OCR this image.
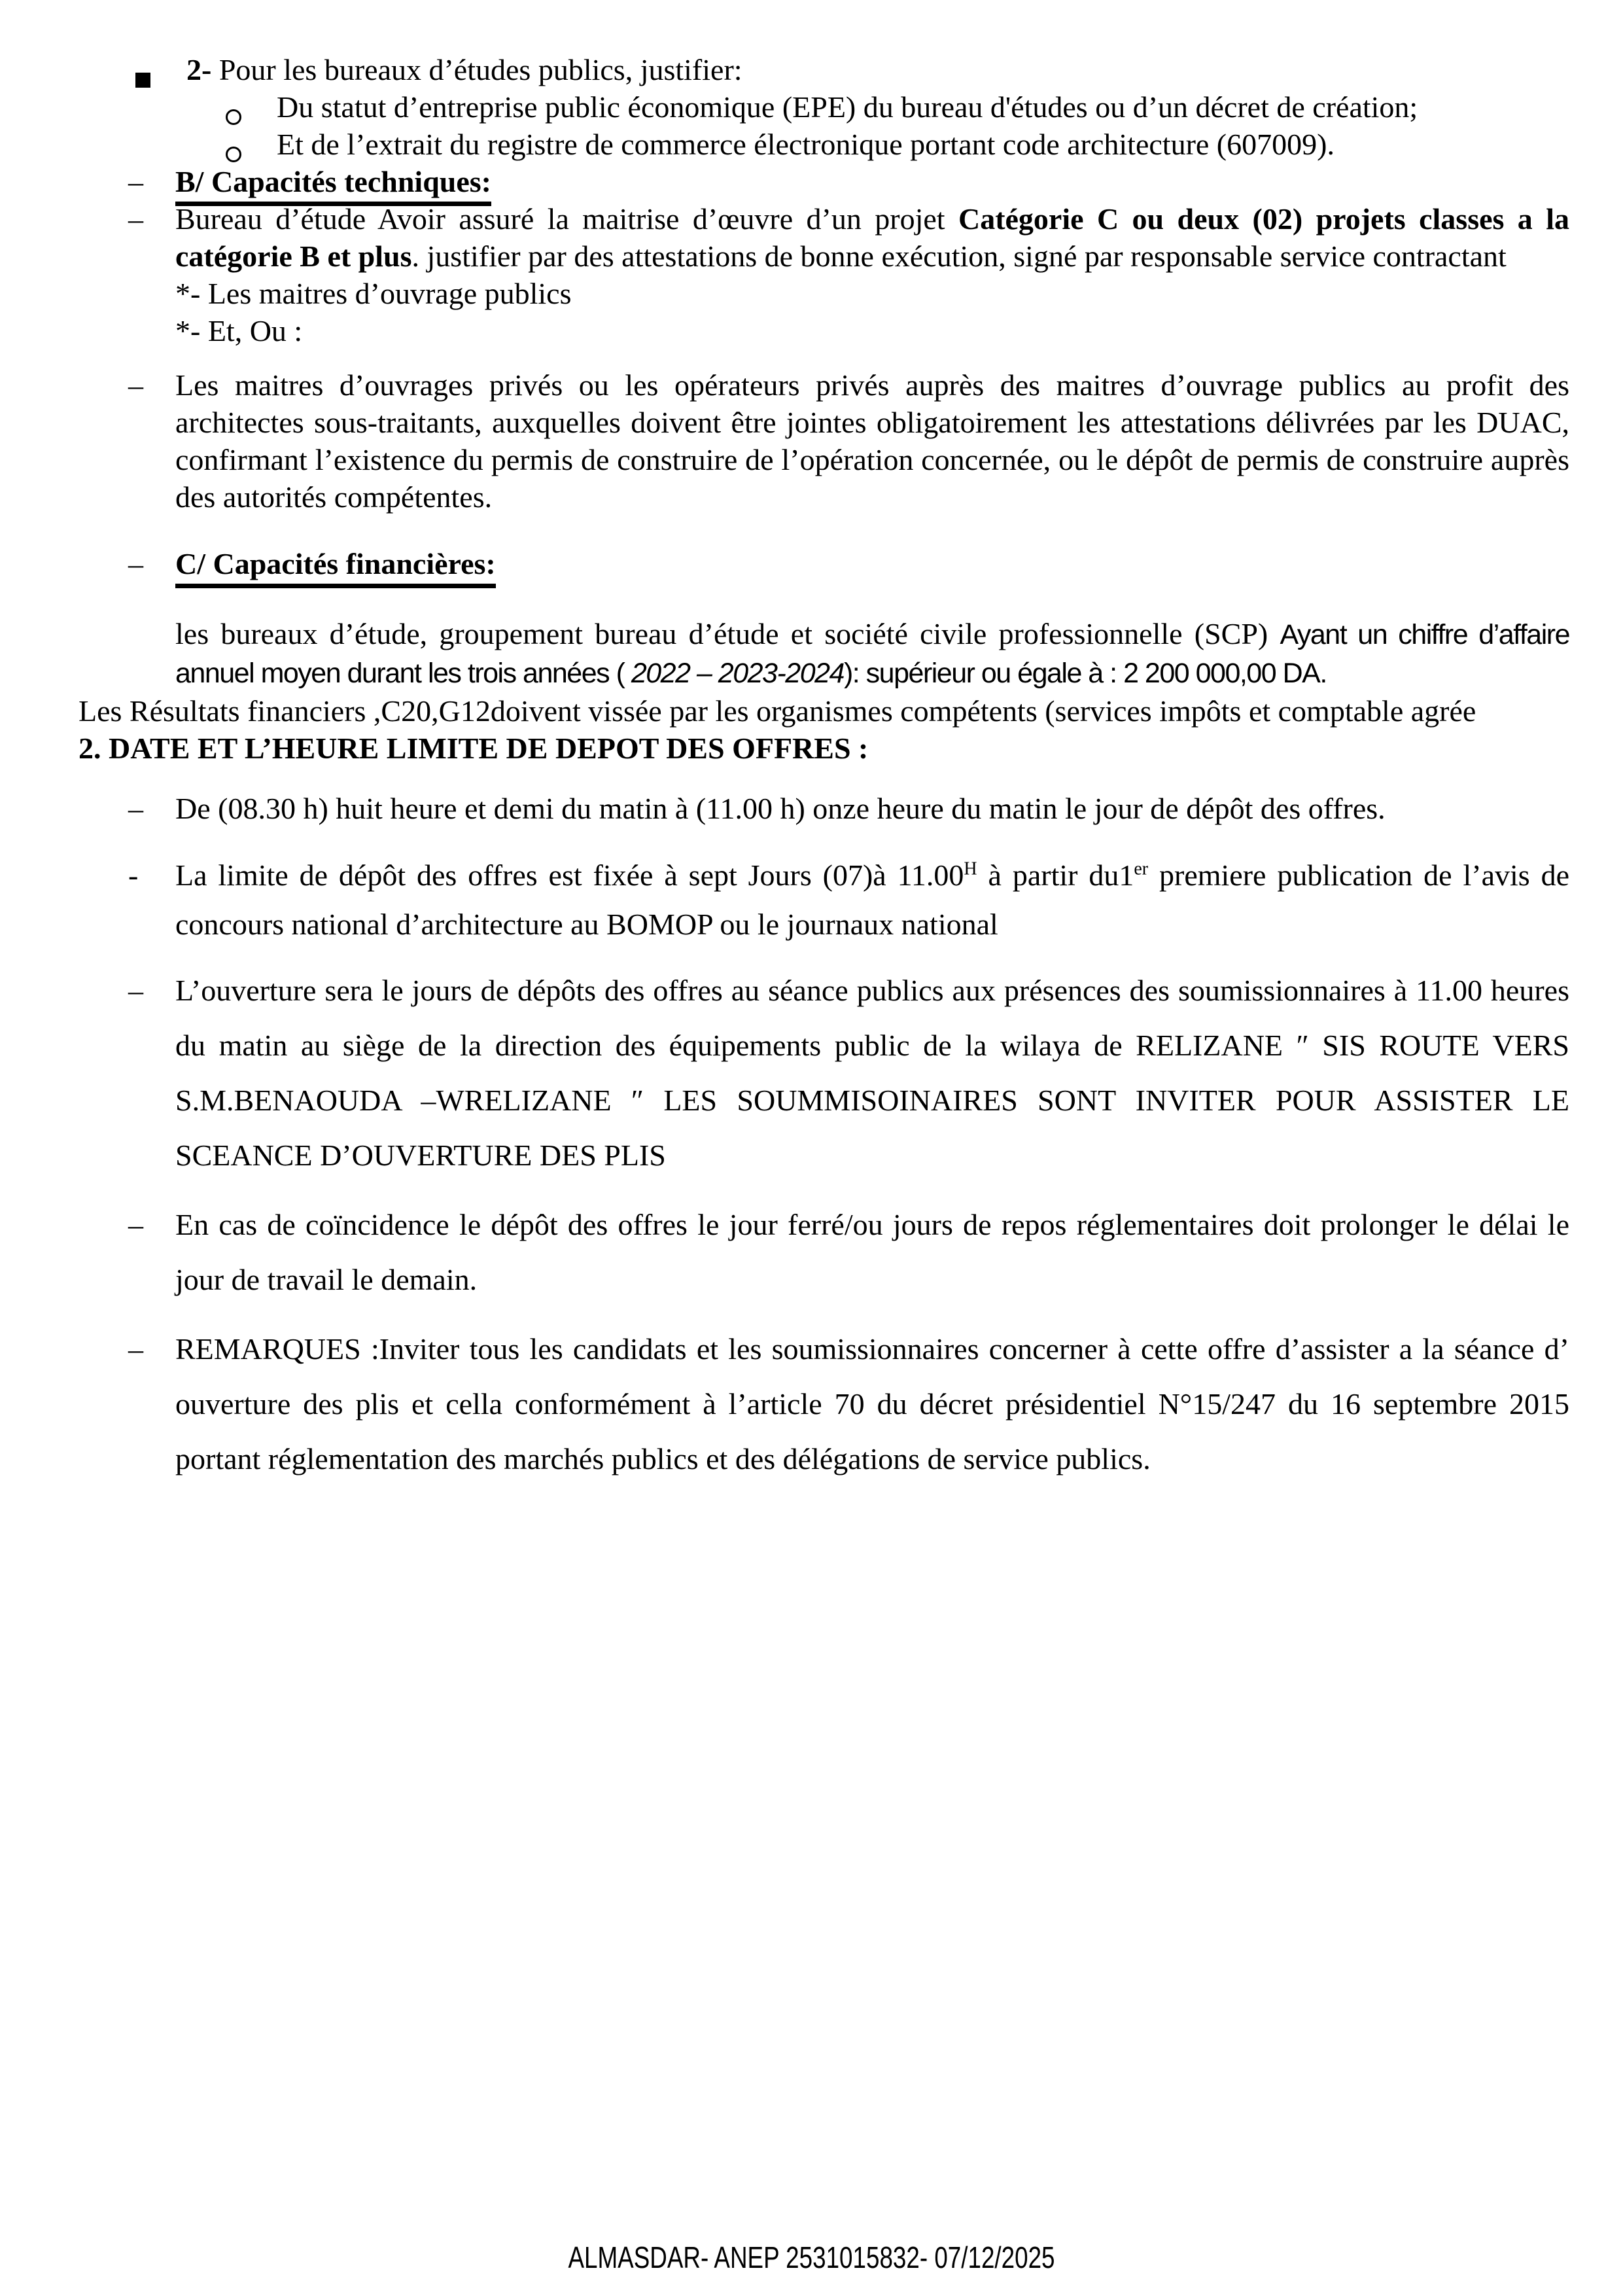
2- Pour les bureaux d’études publics, justifier:
Du statut d’entreprise public économique (EPE) du bureau d'études ou d’un décret de création;
Et de l’extrait du registre de commerce électronique portant code architecture (607009).
– B/ Capacités techniques:
– Bureau d’étude Avoir assuré la maitrise d’œuvre d’un projet Catégorie C ou deux (02) projets classes a la catégorie B et plus. justifier par des attestations de bonne exécution, signé par responsable service contractant
*- Les maitres d’ouvrage publics
*- Et, Ou :
– Les maitres d’ouvrages privés ou les opérateurs privés auprès des maitres d’ouvrage publics au profit des architectes sous-traitants, auxquelles doivent être jointes obligatoirement les attestations délivrées par les DUAC, confirmant l’existence du permis de construire de l’opération concernée, ou le dépôt de permis de construire auprès des autorités compétentes.
– C/ Capacités financières:
les bureaux d’étude, groupement bureau d’étude et société civile professionnelle (SCP) Ayant un chiffre d’affaire annuel moyen durant les trois années ( 2022 – 2023-2024): supérieur ou égale à : 2 200 000,00 DA.
Les Résultats financiers ,C20,G12doivent vissée par les organismes compétents (services impôts et comptable agrée
2. DATE ET L’HEURE LIMITE DE DEPOT DES OFFRES :
– De (08.30 h) huit heure et demi du matin à (11.00 h) onze heure du matin le jour de dépôt des offres.
- La limite de dépôt des offres est fixée à sept Jours (07)à $11.00^H$ à partir du1er premiere publication de l’avis de concours national d’architecture au BOMOP ou le journaux national
– L’ouverture sera le jours de dépôts des offres au séance publics aux présences des soumissionnaires à 11.00 heures du matin au siège de la direction des équipements public de la wilaya de RELIZANE ″ SIS ROUTE VERS S.M.BENAOUDA –WRELIZANE ″ LES SOUMMISOINAIRES SONT INVITER POUR ASSISTER LE SCEANCE D’OUVERTURE DES PLIS
– En cas de coïncidence le dépôt des offres le jour ferré/ou jours de repos réglementaires doit prolonger le délai le jour de travail le demain.
– REMARQUES :Inviter tous les candidats et les soumissionnaires concerner à cette offre d’assister a la séance d’ ouverture des plis et cella conformément à l’article 70 du décret présidentiel N°15/247 du 16 septembre 2015 portant réglementation des marchés publics et des délégations de service publics.
ALMASDAR- ANEP 2531015832- 07/12/2025
